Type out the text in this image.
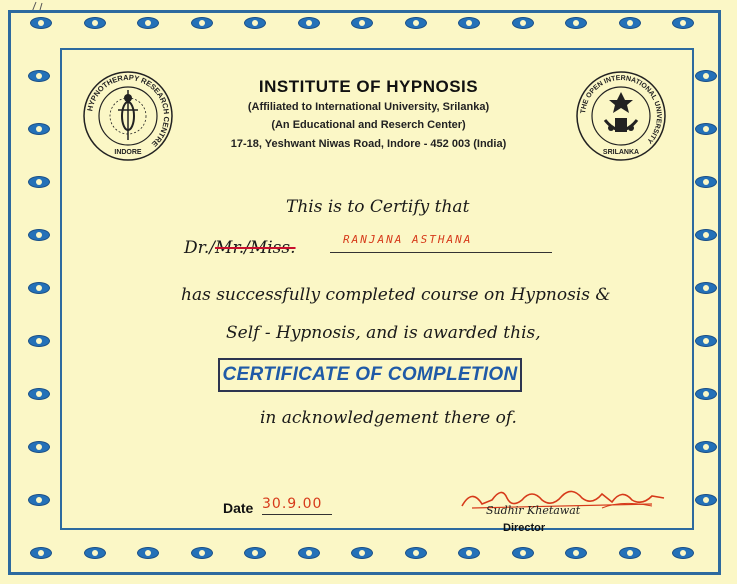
HYPNOTHERAPY RESEARCH CENTRE
INDORE
THE OPEN INTERNATIONAL UNIVERSITY
SRILANKA
INSTITUTE OF HYPNOSIS
(Affiliated to International University, Srilanka)
(An Educational and Reserch Center)
17-18, Yeshwant Niwas Road, Indore - 452 003 (India)
This is to Certify that
Dr./Mr./Miss.	RANJANA ASTHANA
has successfully completed course on Hypnosis &
Self - Hypnosis, and is awarded this,
CERTIFICATE OF COMPLETION
in acknowledgement there of.
Date 30.9.00	Sudhir Khetawat
Director
